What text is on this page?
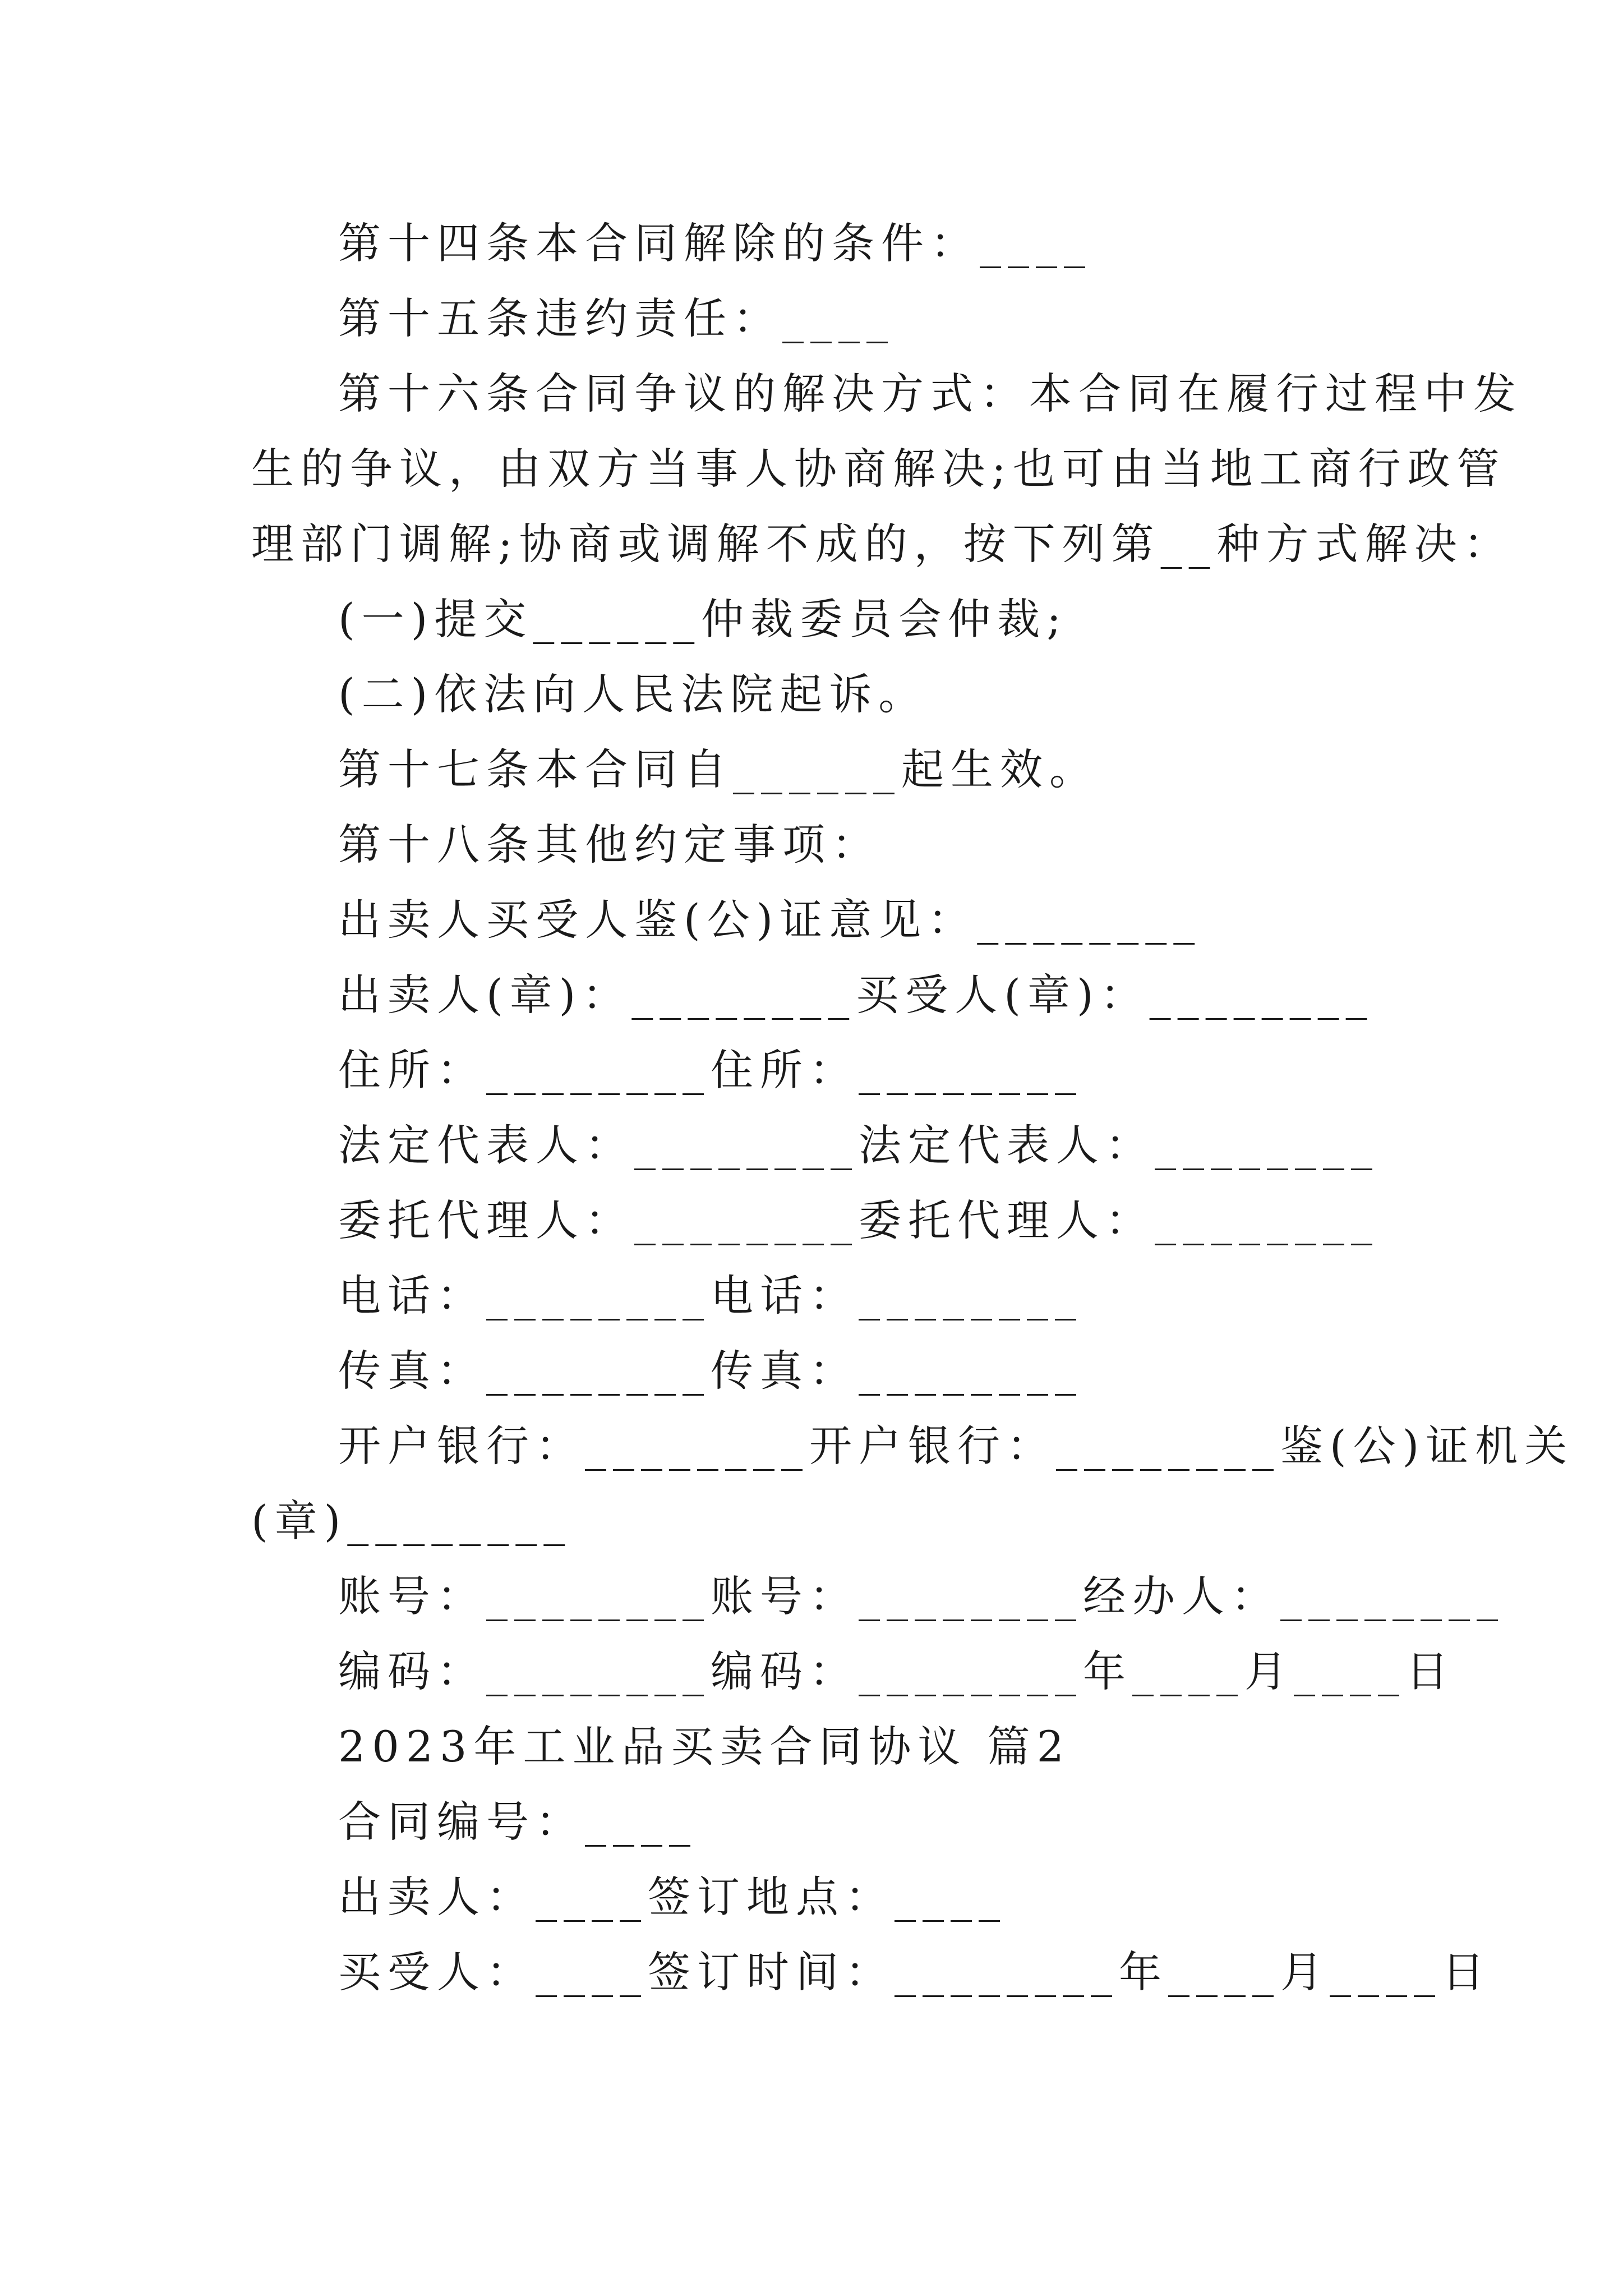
第十四条本合同解除的条件：____
第十五条违约责任：____
第十六条合同争议的解决方式：本合同在履行过程中发
生的争议，由双方当事人协商解决;也可由当地工商行政管
理部门调解;协商或调解不成的，按下列第__种方式解决：
(一)提交______仲裁委员会仲裁;
(二)依法向人民法院起诉。
第十七条本合同自______起生效。
第十八条其他约定事项：
出卖人买受人鉴(公)证意见：________
出卖人(章)：________买受人(章)：________
住所：________住所：________
法定代表人：________法定代表人：________
委托代理人：________委托代理人：________
电话：________电话：________
传真：________传真：________
开户银行：________开户银行：________鉴(公)证机关
(章)________
账号：________账号：________经办人：________
编码：________编码：________年____月____日
2023年工业品买卖合同协议 篇2
合同编号：____
出卖人：____签订地点：____
买受人：____签订时间：________年____月____日
